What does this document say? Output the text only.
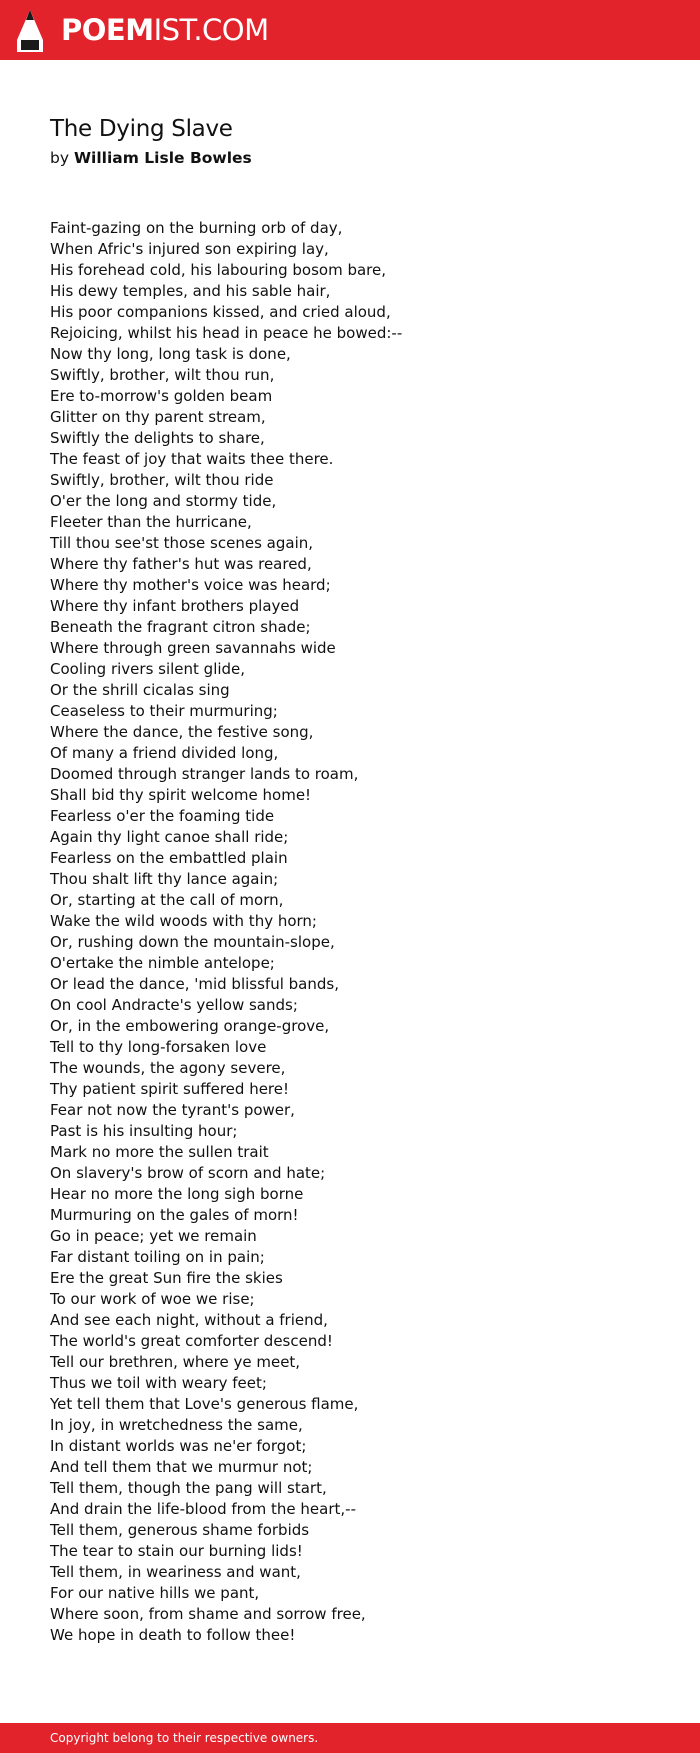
POEMIST.COM
The Dying Slave
by William Lisle Bowles
Faint-gazing on the burning orb of day,
When Afric's injured son expiring lay,
His forehead cold, his labouring bosom bare,
His dewy temples, and his sable hair,
His poor companions kissed, and cried aloud,
Rejoicing, whilst his head in peace he bowed:--
Now thy long, long task is done,
Swiftly, brother, wilt thou run,
Ere to-morrow's golden beam
Glitter on thy parent stream,
Swiftly the delights to share,
The feast of joy that waits thee there.
Swiftly, brother, wilt thou ride
O'er the long and stormy tide,
Fleeter than the hurricane,
Till thou see'st those scenes again,
Where thy father's hut was reared,
Where thy mother's voice was heard;
Where thy infant brothers played
Beneath the fragrant citron shade;
Where through green savannahs wide
Cooling rivers silent glide,
Or the shrill cicalas sing
Ceaseless to their murmuring;
Where the dance, the festive song,
Of many a friend divided long,
Doomed through stranger lands to roam,
Shall bid thy spirit welcome home!
Fearless o'er the foaming tide
Again thy light canoe shall ride;
Fearless on the embattled plain
Thou shalt lift thy lance again;
Or, starting at the call of morn,
Wake the wild woods with thy horn;
Or, rushing down the mountain-slope,
O'ertake the nimble antelope;
Or lead the dance, 'mid blissful bands,
On cool Andracte's yellow sands;
Or, in the embowering orange-grove,
Tell to thy long-forsaken love
The wounds, the agony severe,
Thy patient spirit suffered here!
Fear not now the tyrant's power,
Past is his insulting hour;
Mark no more the sullen trait
On slavery's brow of scorn and hate;
Hear no more the long sigh borne
Murmuring on the gales of morn!
Go in peace; yet we remain
Far distant toiling on in pain;
Ere the great Sun fire the skies
To our work of woe we rise;
And see each night, without a friend,
The world's great comforter descend!
Tell our brethren, where ye meet,
Thus we toil with weary feet;
Yet tell them that Love's generous flame,
In joy, in wretchedness the same,
In distant worlds was ne'er forgot;
And tell them that we murmur not;
Tell them, though the pang will start,
And drain the life-blood from the heart,--
Tell them, generous shame forbids
The tear to stain our burning lids!
Tell them, in weariness and want,
For our native hills we pant,
Where soon, from shame and sorrow free,
We hope in death to follow thee!
Copyright belong to their respective owners.
